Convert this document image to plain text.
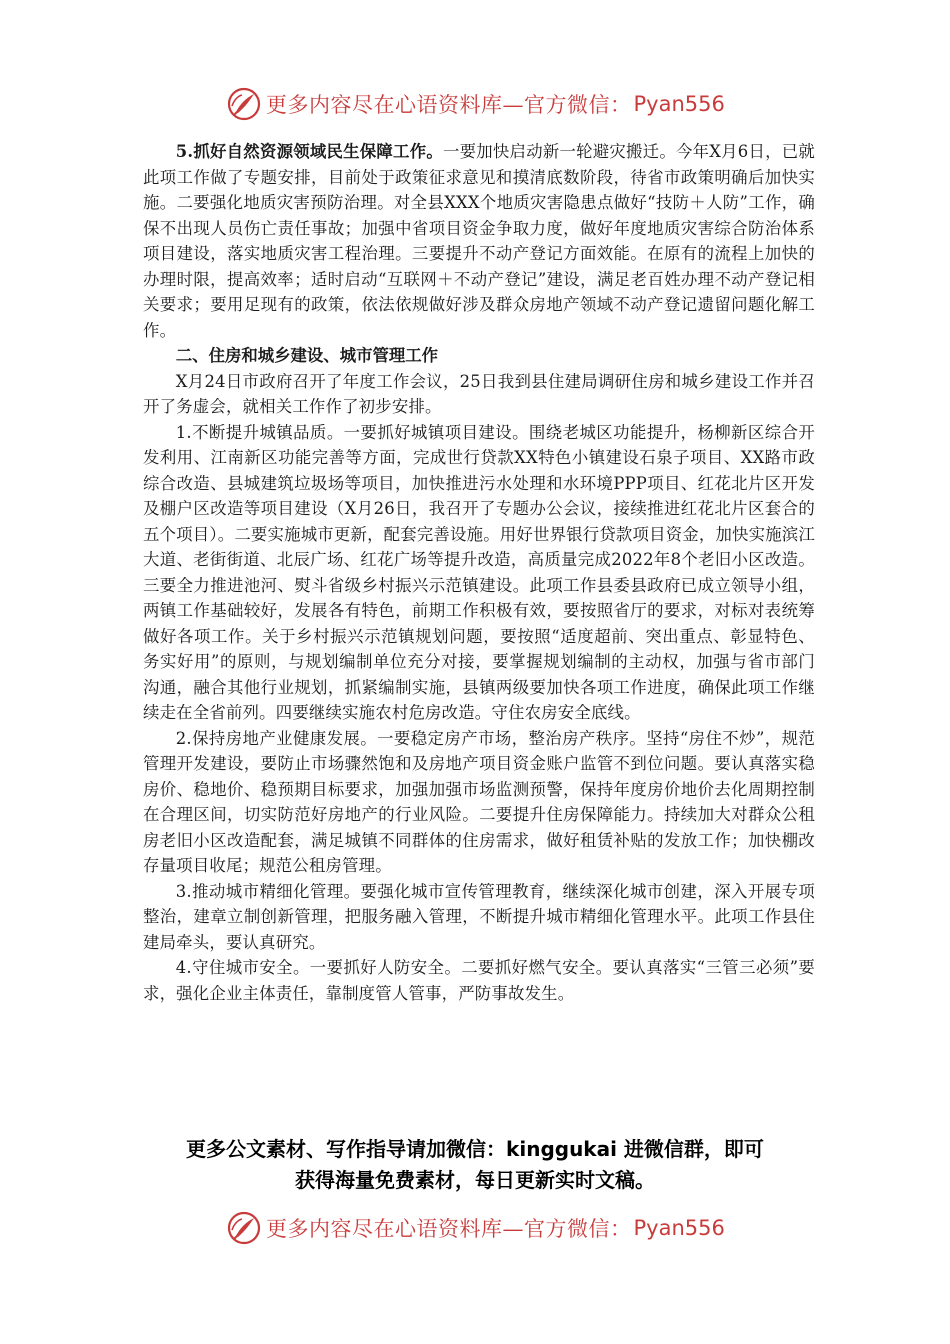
更多内容尽在心语资料库—官方微信： Pyan556

5.抓好自然资源领域民生保障工作。一要加快启动新一轮避灾搬迁。今年X月6日，已就此项工作做了专题安排，目前处于政策征求意见和摸清底数阶段，待省市政策明确后加快实施。二要强化地质灾害预防治理。对全县XXX个地质灾害隐患点做好“技防＋人防”工作，确保不出现人员伤亡责任事故；加强中省项目资金争取力度，做好年度地质灾害综合防治体系项目建设，落实地质灾害工程治理。三要提升不动产登记方面效能。在原有的流程上加快的办理时限，提高效率；适时启动“互联网＋不动产登记”建设，满足老百姓办理不动产登记相关要求；要用足现有的政策，依法依规做好涉及群众房地产领域不动产登记遗留问题化解工作。

二、住房和城乡建设、城市管理工作

X月24日市政府召开了年度工作会议，25日我到县住建局调研住房和城乡建设工作并召开了务虚会，就相关工作作了初步安排。

1.不断提升城镇品质。一要抓好城镇项目建设。围绕老城区功能提升，杨柳新区综合开发利用、江南新区功能完善等方面，完成世行贷款XX特色小镇建设石泉子项目、XX路市政综合改造、县城建筑垃圾场等项目，加快推进污水处理和水环境PPP项目、红花北片区开发及棚户区改造等项目建设（X月26日，我召开了专题办公会议，接续推进红花北片区套合的五个项目）。二要实施城市更新，配套完善设施。用好世界银行贷款项目资金，加快实施滨江大道、老街街道、北辰广场、红花广场等提升改造，高质量完成2022年8个老旧小区改造。三要全力推进池河、熨斗省级乡村振兴示范镇建设。此项工作县委县政府已成立领导小组，两镇工作基础较好，发展各有特色，前期工作积极有效，要按照省厅的要求，对标对表统筹做好各项工作。关于乡村振兴示范镇规划问题，要按照“适度超前、突出重点、彰显特色、务实好用”的原则，与规划编制单位充分对接，要掌握规划编制的主动权，加强与省市部门沟通，融合其他行业规划，抓紧编制实施，县镇两级要加快各项工作进度，确保此项工作继续走在全省前列。四要继续实施农村危房改造。守住农房安全底线。

2.保持房地产业健康发展。一要稳定房产市场，整治房产秩序。坚持“房住不炒”，规范管理开发建设，要防止市场骤然饱和及房地产项目资金账户监管不到位问题。要认真落实稳房价、稳地价、稳预期目标要求，加强加强市场监测预警，保持年度房价地价去化周期控制在合理区间，切实防范好房地产的行业风险。二要提升住房保障能力。持续加大对群众公租房老旧小区改造配套，满足城镇不同群体的住房需求，做好租赁补贴的发放工作；加快棚改存量项目收尾；规范公租房管理。

3.推动城市精细化管理。要强化城市宣传管理教育，继续深化城市创建，深入开展专项整治，建章立制创新管理，把服务融入管理，不断提升城市精细化管理水平。此项工作县住建局牵头，要认真研究。

4.守住城市安全。一要抓好人防安全。二要抓好燃气安全。要认真落实“三管三必须”要求，强化企业主体责任，靠制度管人管事，严防事故发生。

更多公文素材、写作指导请加微信：kinggukai 进微信群，即可
获得海量免费素材，每日更新实时文稿。
更多内容尽在心语资料库—官方微信： Pyan556
